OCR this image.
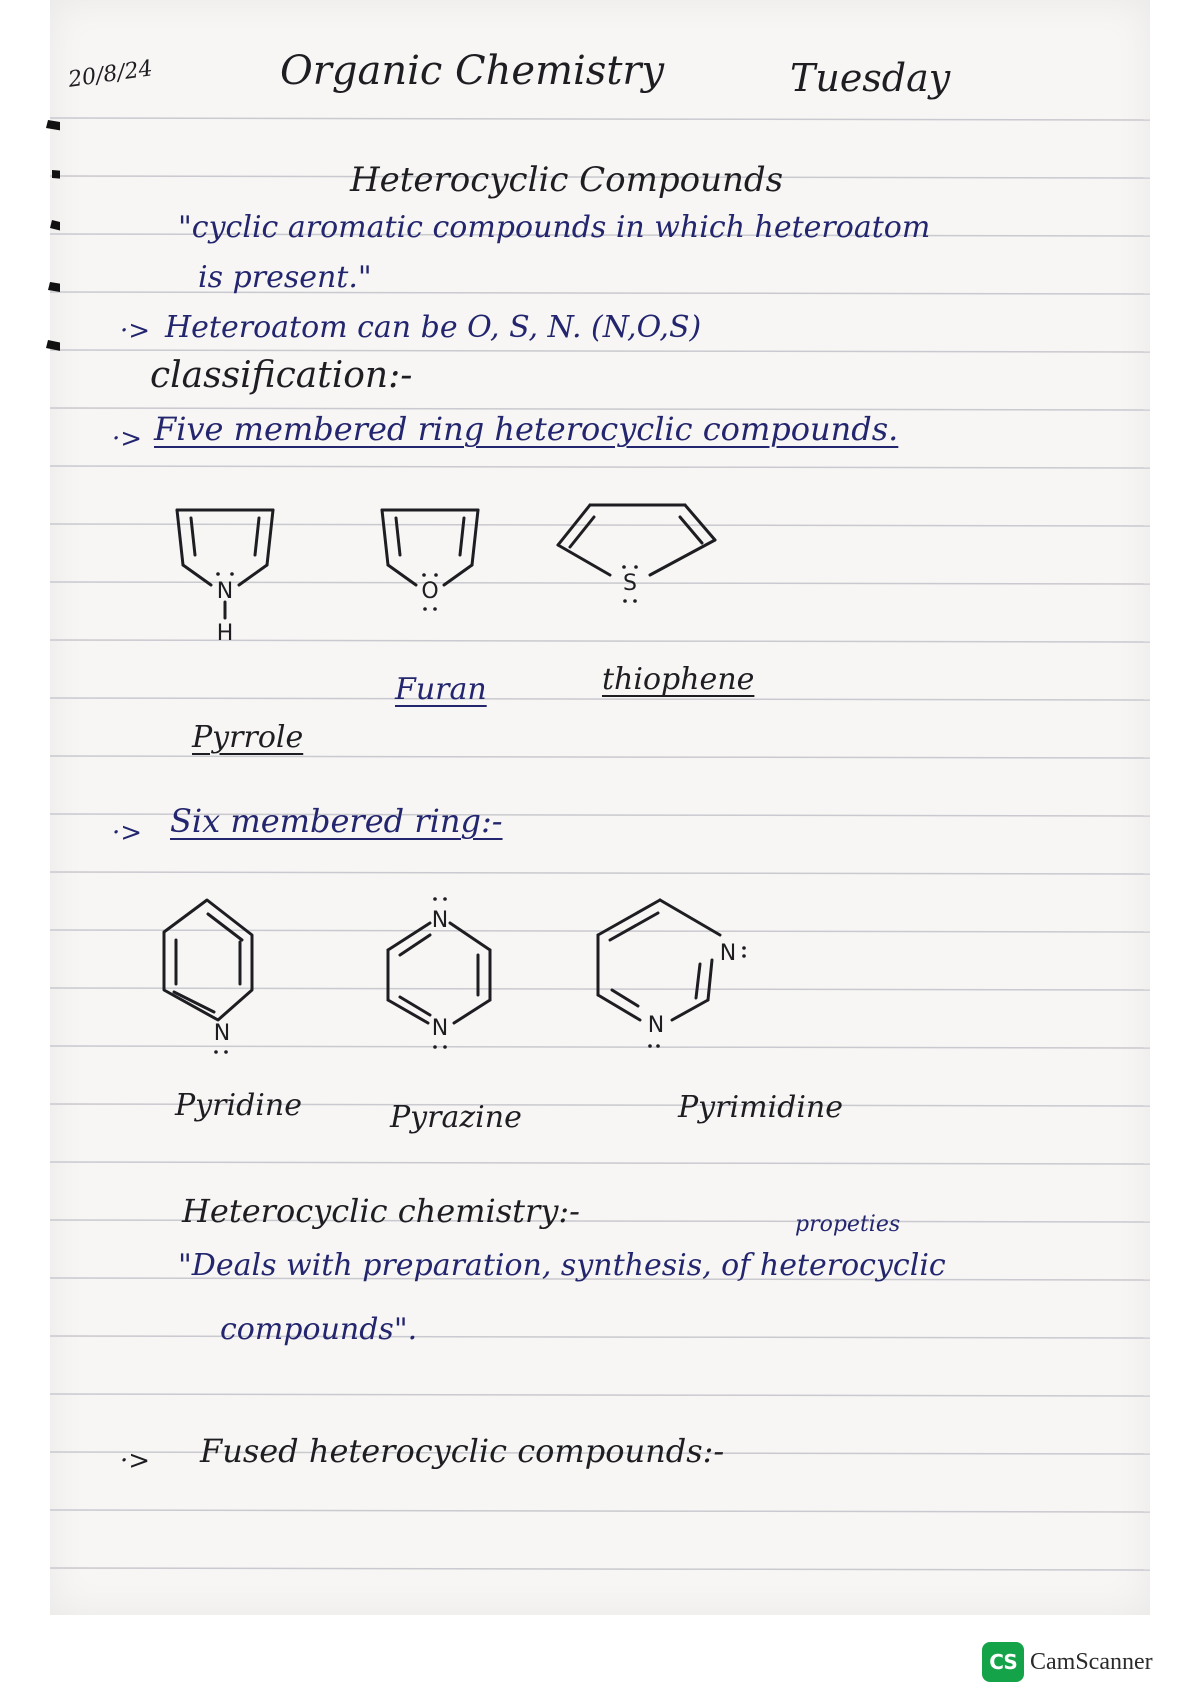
20/8/24	Organic Chemistry	Tuesday
Heterocyclic Compounds
"cyclic aromatic compounds in which heteroatom
is present."
·> Heteroatom can be O, S, N. (N,O,S)
classification:-
·> Five membered ring heterocyclic compounds.
N
H
O	S
Pyrrole
Furan	thiophene
·> Six membered ring:-
N
N
N
N
N
Pyridine	Pyrazine	Pyrimidine
Heterocyclic chemistry:-	propeties
"Deals with preparation, synthesis, of heterocyclic
compounds".
·> Fused heterocyclic compounds:-
CS CamScanner
